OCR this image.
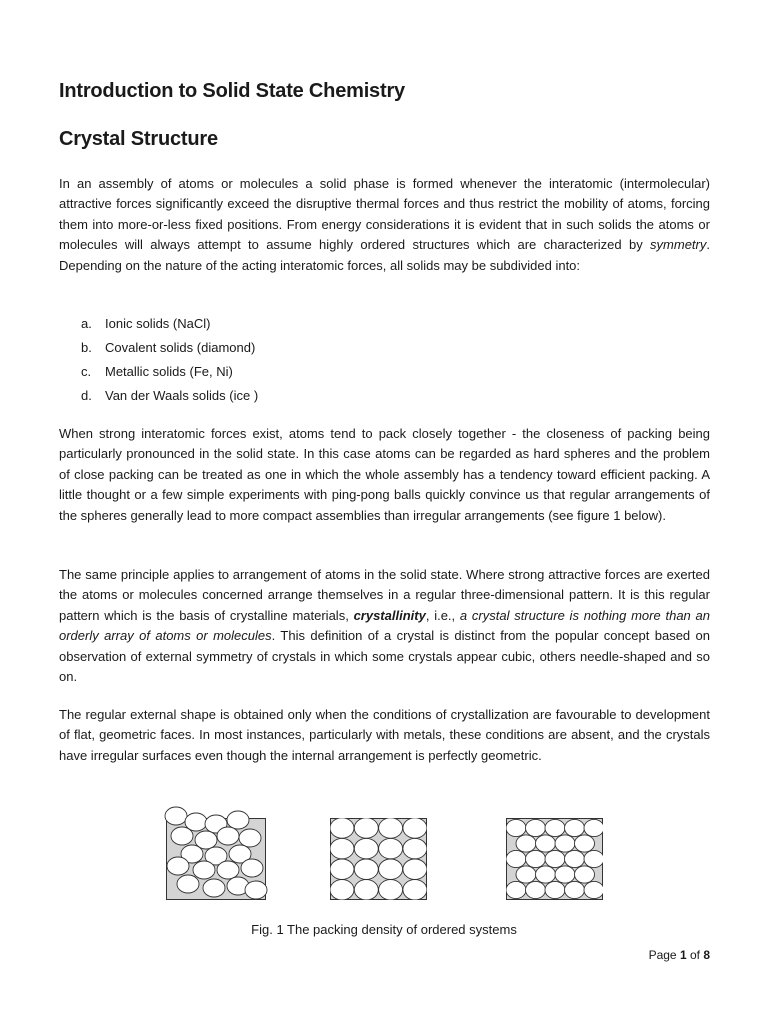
Introduction to Solid State Chemistry
Crystal Structure

In an assembly of atoms or molecules a solid phase is formed whenever the interatomic (intermolecular) attractive forces significantly exceed the disruptive thermal forces and thus restrict the mobility of atoms, forcing them into more-or-less fixed positions. From energy considerations it is evident that in such solids the atoms or molecules will always attempt to assume highly ordered structures which are characterized by symmetry. Depending on the nature of the acting interatomic forces, all solids may be subdivided into:

a.	Ionic solids (NaCl)
b.	Covalent solids (diamond)
c.	Metallic solids (Fe, Ni)
d.	Van der Waals solids (ice )

When strong interatomic forces exist, atoms tend to pack closely together - the closeness of packing being particularly pronounced in the solid state. In this case atoms can be regarded as hard spheres and the problem of close packing can be treated as one in which the whole assembly has a tendency toward efficient packing. A little thought or a few simple experiments with ping-pong balls quickly convince us that regular arrangements of the spheres generally lead to more compact assemblies than irregular arrangements (see figure 1 below).

The same principle applies to arrangement of atoms in the solid state. Where strong attractive forces are exerted the atoms or molecules concerned arrange themselves in a regular three-dimensional pattern. It is this regular pattern which is the basis of crystalline materials, crystallinity, i.e., a crystal structure is nothing more than an orderly array of atoms or molecules. This definition of a crystal is distinct from the popular concept based on observation of external symmetry of crystals in which some crystals appear cubic, others needle-shaped and so on.

The regular external shape is obtained only when the conditions of crystallization are favourable to development of flat, geometric faces. In most instances, particularly with metals, these conditions are absent, and the crystals have irregular surfaces even though the internal arrangement is perfectly geometric.

Fig. 1 The packing density of ordered systems
Page 1 of 8
